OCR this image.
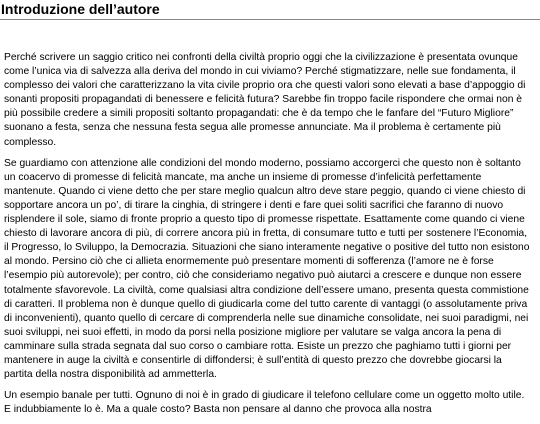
Introduzione dell’autore

Perché scrivere un saggio critico nei confronti della civiltà proprio oggi che la civilizzazione è presentata ovunque come l’unica via di salvezza alla deriva del mondo in cui viviamo? Perché stigmatizzare, nelle sue fondamenta, il complesso dei valori che caratterizzano la vita civile proprio ora che questi valori sono elevati a base d’appoggio di sonanti propositi propagandati di benessere e felicità futura? Sarebbe fin troppo facile rispondere che ormai non è più possibile credere a simili propositi soltanto propagandati: che è da tempo che le fanfare del “Futuro Migliore” suonano a festa, senza che nessuna festa segua alle promesse annunciate. Ma il problema è certamente più complesso.

Se guardiamo con attenzione alle condizioni del mondo moderno, possiamo accorgerci che questo non è soltanto un coacervo di promesse di felicità mancate, ma anche un insieme di promesse d’infelicità perfettamente mantenute. Quando ci viene detto che per stare meglio qualcun altro deve stare peggio, quando ci viene chiesto di sopportare ancora un po’, di tirare la cinghia, di stringere i denti e fare quei soliti sacrifici che faranno di nuovo risplendere il sole, siamo di fronte proprio a questo tipo di promesse rispettate. Esattamente come quando ci viene chiesto di lavorare ancora di più, di correre ancora più in fretta, di consumare tutto e tutti per sostenere l’Economia, il Progresso, lo Sviluppo, la Democrazia. Situazioni che siano interamente negative o positive del tutto non esistono al mondo. Persino ciò che ci allieta enormemente può presentare momenti di sofferenza (l’amore ne è forse l’esempio più autorevole); per contro, ciò che consideriamo negativo può aiutarci a crescere e dunque non essere totalmente sfavorevole. La civiltà, come qualsiasi altra condizione dell’essere umano, presenta questa commistione di caratteri. Il problema non è dunque quello di giudicarla come del tutto carente di vantaggi (o assolutamente priva di inconvenienti), quanto quello di cercare di comprenderla nelle sue dinamiche consolidate, nei suoi paradigmi, nei suoi sviluppi, nei suoi effetti, in modo da porsi nella posizione migliore per valutare se valga ancora la pena di camminare sulla strada segnata dal suo corso o cambiare rotta. Esiste un prezzo che paghiamo tutti i giorni per mantenere in auge la civiltà e consentirle di diffondersi; è sull’entità di questo prezzo che dovrebbe giocarsi la partita della nostra disponibilità ad ammetterla.

Un esempio banale per tutti. Ognuno di noi è in grado di giudicare il telefono cellulare come un oggetto molto utile. E indubbiamente lo è. Ma a quale costo? Basta non pensare al danno che provoca alla nostra
